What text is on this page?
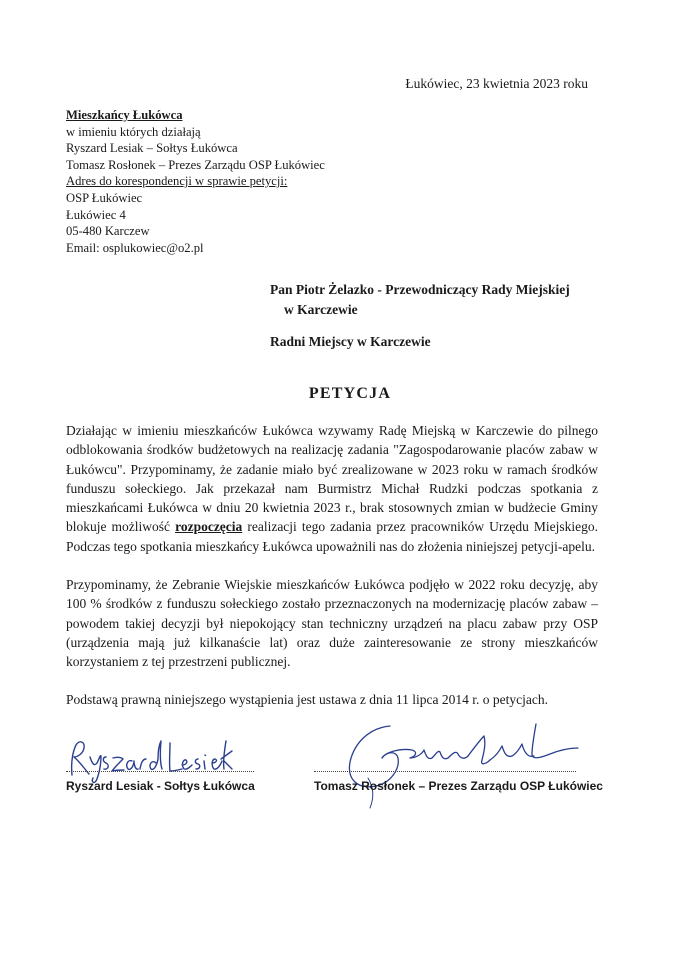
Łukówiec, 23 kwietnia 2023 roku
Mieszkańcy Łukówca
w imieniu których działają
Ryszard Lesiak – Sołtys Łukówca
Tomasz Rosłonek – Prezes Zarządu OSP Łukówiec
Adres do korespondencji w sprawie petycji:
OSP Łukówiec
Łukówiec 4
05-480 Karczew
Email: osplukowiec@o2.pl
Pan Piotr Żelazko - Przewodniczący Rady Miejskiej
w Karczewie
Radni Miejscy w Karczewie
PETYCJA

Działając w imieniu mieszkańców Łukówca wzywamy Radę Miejską w Karczewie do pilnego odblokowania środków budżetowych na realizację zadania "Zagospodarowanie placów zabaw w Łukówcu". Przypominamy, że zadanie miało być zrealizowane w 2023 roku w ramach środków funduszu sołeckiego. Jak przekazał nam Burmistrz Michał Rudzki podczas spotkania z mieszkańcami Łukówca w dniu 20 kwietnia 2023 r., brak stosownych zmian w budżecie Gminy blokuje możliwość rozpoczęcia realizacji tego zadania przez pracowników Urzędu Miejskiego. Podczas tego spotkania mieszkańcy Łukówca upoważnili nas do złożenia niniejszej petycji-apelu.

Przypominamy, że Zebranie Wiejskie mieszkańców Łukówca podjęło w 2022 roku decyzję, aby 100 % środków z funduszu sołeckiego zostało przeznaczonych na modernizację placów zabaw – powodem takiej decyzji był niepokojący stan techniczny urządzeń na placu zabaw przy OSP (urządzenia mają już kilkanaście lat) oraz duże zainteresowanie ze strony mieszkańców korzystaniem z tej przestrzeni publicznej.

Podstawą prawną niniejszego wystąpienia jest ustawa z dnia 11 lipca 2014 r. o petycjach.

Ryszard Lesiak - Sołtys Łukówca	Tomasz Rosłonek – Prezes Zarządu OSP Łukówiec
